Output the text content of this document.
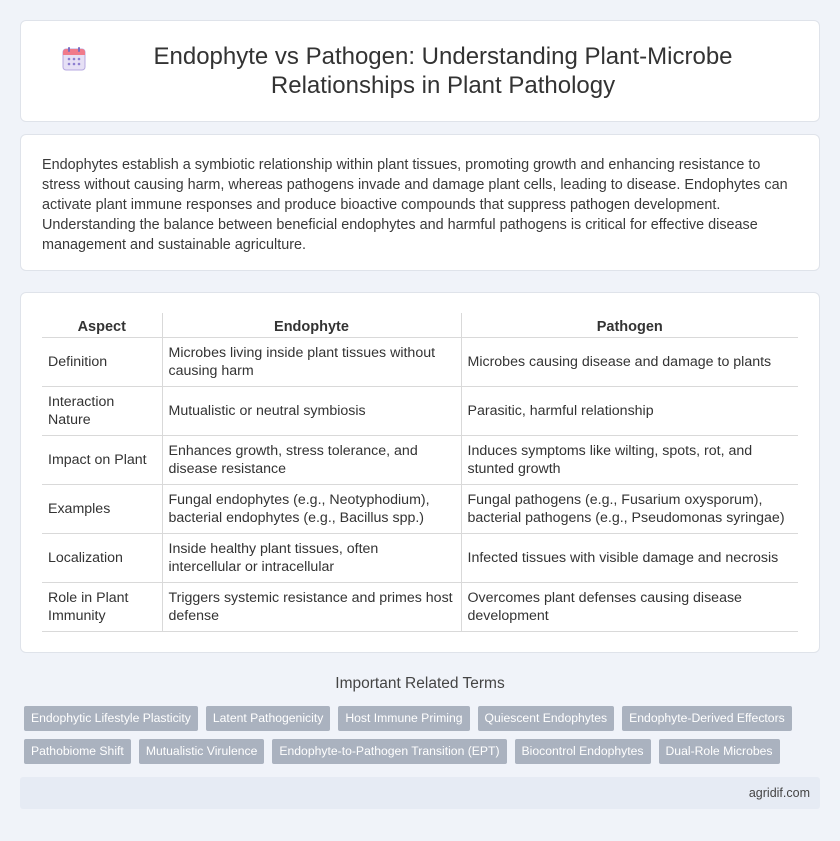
Endophyte vs Pathogen: Understanding Plant-Microbe Relationships in Plant Pathology

Endophytes establish a symbiotic relationship within plant tissues, promoting growth and enhancing resistance to stress without causing harm, whereas pathogens invade and damage plant cells, leading to disease. Endophytes can activate plant immune responses and produce bioactive compounds that suppress pathogen development. Understanding the balance between beneficial endophytes and harmful pathogens is critical for effective disease management and sustainable agriculture.

Aspect	Endophyte	Pathogen
Definition	Microbes living inside plant tissues without causing harm	Microbes causing disease and damage to plants
Interaction Nature	Mutualistic or neutral symbiosis	Parasitic, harmful relationship
Impact on Plant	Enhances growth, stress tolerance, and disease resistance	Induces symptoms like wilting, spots, rot, and stunted growth
Examples	Fungal endophytes (e.g., Neotyphodium), bacterial endophytes (e.g., Bacillus spp.)	Fungal pathogens (e.g., Fusarium oxysporum), bacterial pathogens (e.g., Pseudomonas syringae)
Localization	Inside healthy plant tissues, often intercellular or intracellular	Infected tissues with visible damage and necrosis
Role in Plant Immunity	Triggers systemic resistance and primes host defense	Overcomes plant defenses causing disease development
Important Related Terms
Endophytic Lifestyle Plasticity	Latent Pathogenicity	Host Immune Priming	Quiescent Endophytes	Endophyte-Derived Effectors
Pathobiome Shift	Mutualistic Virulence	Endophyte-to-Pathogen Transition (EPT)	Biocontrol Endophytes	Dual-Role Microbes
agridif.com
